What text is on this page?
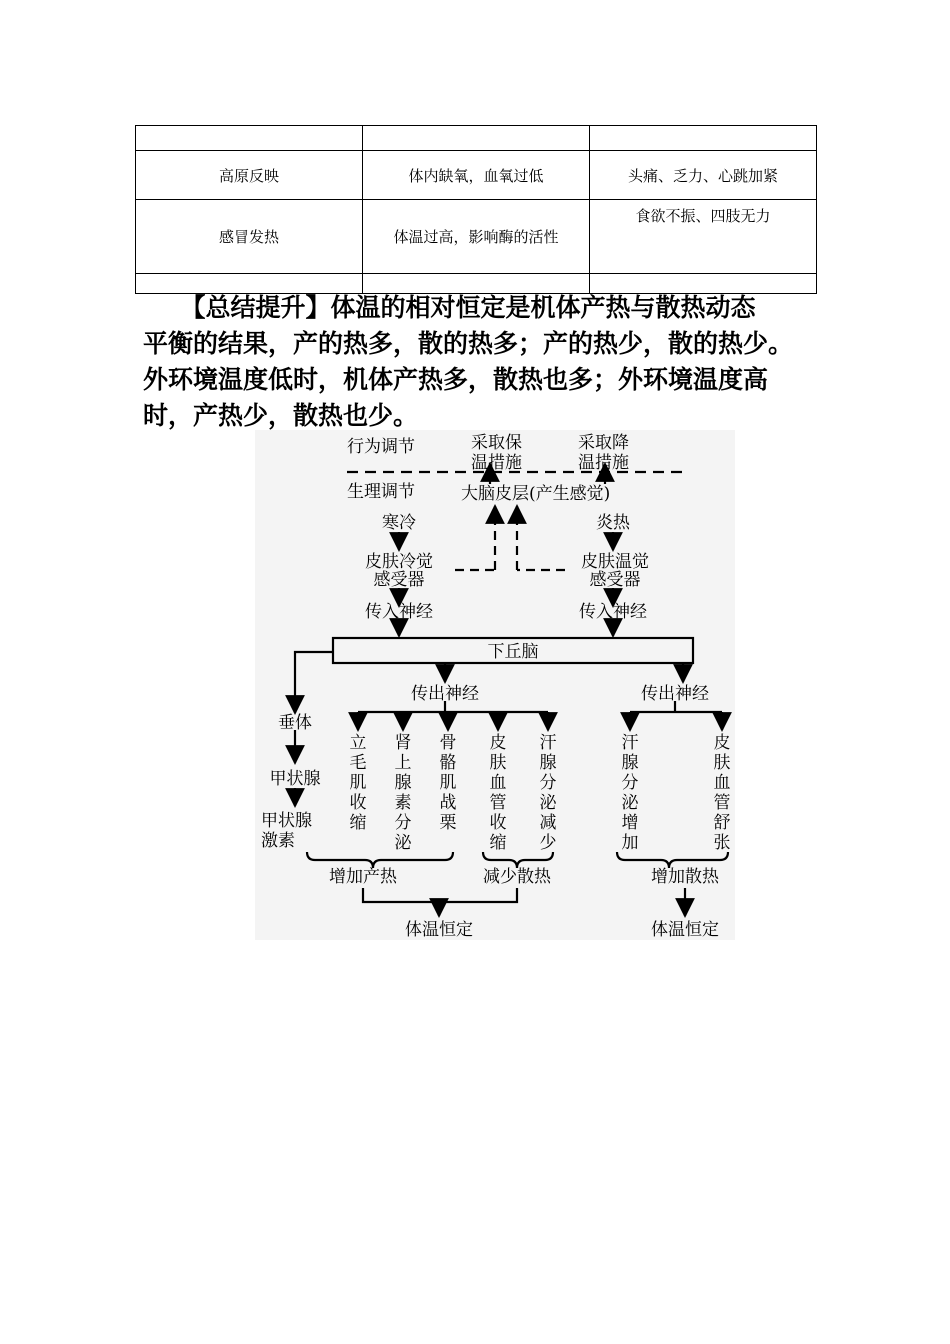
高原反映	体内缺氧，血氧过低	头痛、乏力、心跳加紧
感冒发热	体温过高，影响酶的活性	食欲不振、四肢无力

　　【总结提升】体温的相对恒定是机体产热与散热动态

平衡的结果，产的热多，散的热多；产的热少，散的热少。

外环境温度低时，机体产热多，散热也多；外环境温度高

时，产热少，散热也少。

行为调节	采取保
温措施
采取降
温措施
生理调节	大脑皮层(产生感觉)
寒冷	炎热
皮肤冷觉
感受器
皮肤温觉
感受器
传入神经	传入神经
下丘脑
传出神经	传出神经
垂体
甲状腺
甲状腺
激素
立
毛
肌
收
缩
肾
上
腺
素
分
泌
骨
骼
肌
战
栗
皮
肤
血
管
收
缩
汗
腺
分
泌
减
少
汗
腺
分
泌
增
加
皮
肤
血
管
舒
张
增加产热	减少散热	增加散热
体温恒定	体温恒定
